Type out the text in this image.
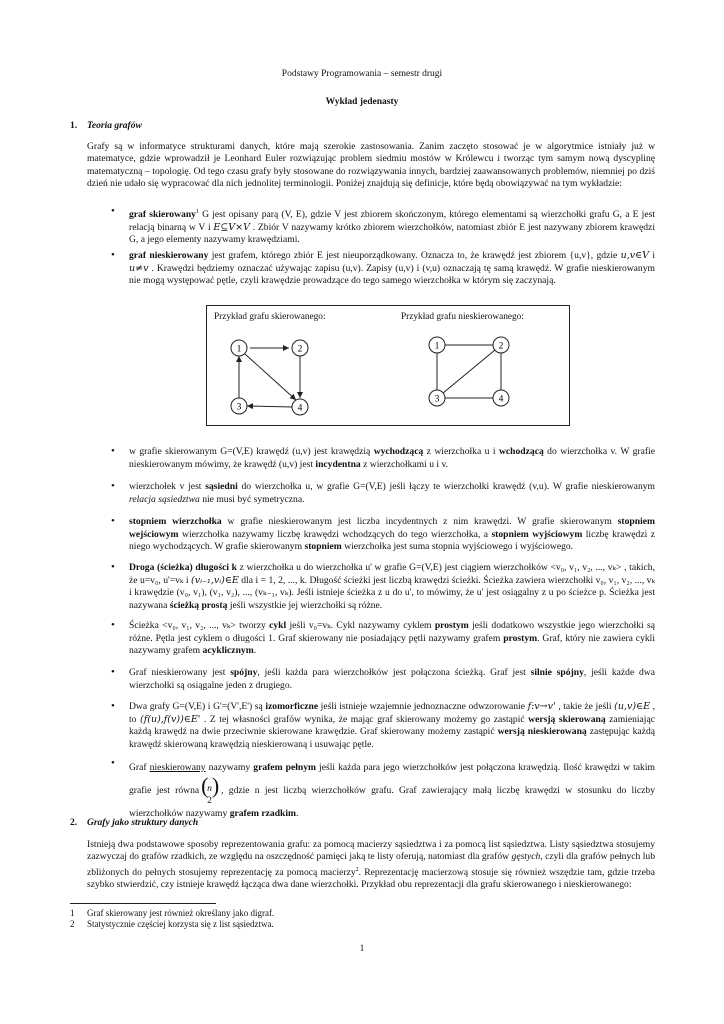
Podstawy Programowania – semestr drugi
Wykład jedenasty
1. Teoria grafów
Grafy są w informatyce strukturami danych, które mają szerokie zastosowania. Zanim zaczęto stosować je w algorytmice istniały już w matematyce, gdzie wprowadził je Leonhard Euler rozwiązując problem siedmiu mostów w Królewcu i tworząc tym samym nową dyscyplinę matematyczną – topologię. Od tego czasu grafy były stosowane do rozwiązywania innych, bardziej zaawansowanych problemów, niemniej po dziś dzień nie udało się wypracować dla nich jednolitej terminologii. Poniżej znajdują się definicje, które będą obowiązywać na tym wykładzie:
• graf skierowany$^1$ G jest opisany parą (V, E), gdzie V jest zbiorem skończonym, którego elementami są wierzchołki grafu G, a E jest relacją binarną w V i E⊆V×V . Zbiór V nazywamy krótko zbiorem wierzchołków, natomiast zbiór E jest nazywany zbiorem krawędzi G, a jego elementy nazywamy krawędziami.
• graf nieskierowany jest grafem, którego zbiór E jest nieuporządkowany. Oznacza to, że krawędź jest zbiorem {u,v}, gdzie u,v∈V i u≠v . Krawędzi będziemy oznaczać używając zapisu (u,v). Zapisy (u,v) i (v,u) oznaczają tę samą krawędź. W grafie nieskierowanym nie mogą występować pętle, czyli krawędzie prowadzące do tego samego wierzchołka w którym się zaczynają.
Przykład grafu skierowanego:	Przykład grafu nieskierowanego:
1	2
3	4
1	2
3	4
• w grafie skierowanym G=(V,E) krawędź (u,v) jest krawędzią wychodzącą z wierzchołka u i wchodzącą do wierzchołka v. W grafie nieskierowanym mówimy, że krawędź (u,v) jest incydentna z wierzchołkami u i v.
• wierzchołek v jest sąsiedni do wierzchołka u, w grafie G=(V,E) jeśli łączy te wierzchołki krawędź (v,u). W grafie nieskierowanym relacja sąsiedztwa nie musi być symetryczna.
• stopniem wierzchołka w grafie nieskierowanym jest liczba incydentnych z nim krawędzi. W grafie skierowanym stopniem wejściowym wierzchołka nazywamy liczbę krawędzi wchodzących do tego wierzchołka, a stopniem wyjściowym liczbę krawędzi z niego wychodzących. W grafie skierowanym stopniem wierzchołka jest suma stopnia wyjściowego i wyjściowego.
• Droga (ścieżka) długości k z wierzchołka u do wierzchołka u' w grafie G=(V,E) jest ciągiem wierzchołków <v₀, v₁, v₂, ..., vₖ> , takich, że u=v₀, u'=vₖ i (vᵢ₋₁,vᵢ)∈E dla i = 1, 2, ..., k. Długość ścieżki jest liczbą krawędzi ścieżki. Ścieżka zawiera wierzchołki v₀, v₁, v₂, ..., vₖ i krawędzie (v₀, v₁), (v₁, v₂), ..., (vₖ₋₁, vₖ). Jeśli istnieje ścieżka z u do u', to mówimy, że u' jest osiągalny z u po ścieżce p. Ścieżka jest nazywana ścieżką prostą jeśli wszystkie jej wierzchołki są różne.
• Ścieżka <v₀, v₁, v₂, ..., vₖ> tworzy cykl jeśli v₀=vₖ. Cykl nazywamy cyklem prostym jeśli dodatkowo wszystkie jego wierzchołki są różne. Pętla jest cyklem o długości 1. Graf skierowany nie posiadający pętli nazywamy grafem prostym. Graf, który nie zawiera cykli nazywamy grafem acyklicznym.
• Graf nieskierowany jest spójny, jeśli każda para wierzchołków jest połączona ścieżką. Graf jest silnie spójny, jeśli każde dwa wierzchołki są osiągalne jeden z drugiego.
• Dwa grafy G=(V,E) i G'=(V',E') są izomorficzne jeśli istnieje wzajemnie jednoznaczne odwzorowanie f:v→v' , takie że jeśli (u,v)∈E , to (f(u),f(v))∈E' . Z tej własności grafów wynika, że mając graf skierowany możemy go zastąpić wersją skierowaną zamieniając każdą krawędź na dwie przeciwnie skierowane krawędzie. Graf skierowany możemy zastąpić wersją nieskierowaną zastępując każdą krawędź skierowaną krawędzią nieskierowaną i usuwając pętle.
• Graf nieskierowany nazywamy grafem pełnym jeśli każda para jego wierzchołków jest połączona krawędzią. Ilość krawędzi w takim grafie jest równa (
n
2
) , gdzie n jest liczbą wierzchołków grafu. Graf zawierający małą liczbę krawędzi w stosunku do liczby wierzchołków nazywamy grafem rzadkim.
2. Grafy jako struktury danych
Istnieją dwa podstawowe sposoby reprezentowania grafu: za pomocą macierzy sąsiedztwa i za pomocą list sąsiedztwa. Listy sąsiedztwa stosujemy zazwyczaj do grafów rzadkich, ze względu na oszczędność pamięci jaką te listy oferują, natomiast dla grafów gęstych, czyli dla grafów pełnych lub zbliżonych do pełnych stosujemy reprezentację za pomocą macierzy$^2$. Reprezentację macierzową stosuje się również wszędzie tam, gdzie trzeba szybko stwierdzić, czy istnieje krawędź łącząca dwa dane wierzchołki. Przykład obu reprezentacji dla grafu skierowanego i nieskierowanego:
1 Graf skierowany jest również określany jako digraf.
2 Statystycznie częściej korzysta się z list sąsiedztwa.
1
